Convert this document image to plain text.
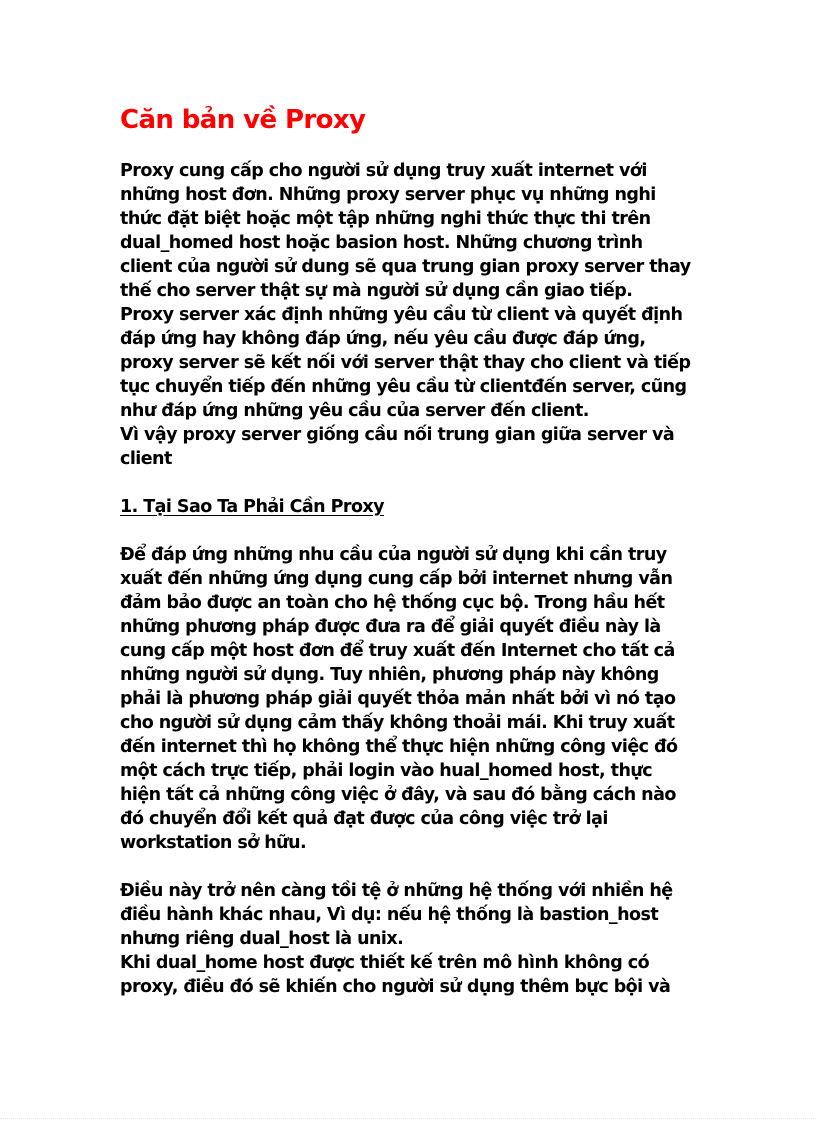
Căn bản về Proxy

Proxy cung cấp cho người sử dụng truy xuất internet với

những host đơn. Những proxy server phục vụ những nghi

thức đặt biệt hoặc một tập những nghi thức thực thi trên

dual_homed host hoặc basion host. Những chương trình

client của người sử dung sẽ qua trung gian proxy server thay

thế cho server thật sự mà người sử dụng cần giao tiếp.

Proxy server xác định những yêu cầu từ client và quyết định

đáp ứng hay không đáp ứng, nếu yêu cầu được đáp ứng,

proxy server sẽ kết nối với server thật thay cho client và tiếp

tục chuyển tiếp đến những yêu cầu từ clientđến server, cũng

như đáp ứng những yêu cầu của server đến client.

Vì vậy proxy server giống cầu nối trung gian giữa server và

client

1. Tại Sao Ta Phải Cần Proxy

Để đáp ứng những nhu cầu của người sử dụng khi cần truy

xuất đến những ứng dụng cung cấp bởi internet nhưng vẫn

đảm bảo được an toàn cho hệ thống cục bộ. Trong hầu hết

những phương pháp được đưa ra để giải quyết điều này là

cung cấp một host đơn để truy xuất đến Internet cho tất cả

những người sử dụng. Tuy nhiên, phương pháp này không

phải là phương pháp giải quyết thỏa mản nhất bởi vì nó tạo

cho người sử dụng cảm thấy không thoải mái. Khi truy xuất

đến internet thì họ không thể thực hiện những công việc đó

một cách trực tiếp, phải login vào hual_homed host, thực

hiện tất cả những công việc ở đây, và sau đó bằng cách nào

đó chuyển đổi kết quả đạt được của công việc trở lại

workstation sở hữu.

Điều này trở nên càng tồi tệ ở những hệ thống với nhiền hệ

điều hành khác nhau, Vì dụ: nếu hệ thống là bastion_host

nhưng riêng dual_host là unix.

Khi dual_home host được thiết kế trên mô hình không có

proxy, điều đó sẽ khiến cho người sử dụng thêm bực bội và
